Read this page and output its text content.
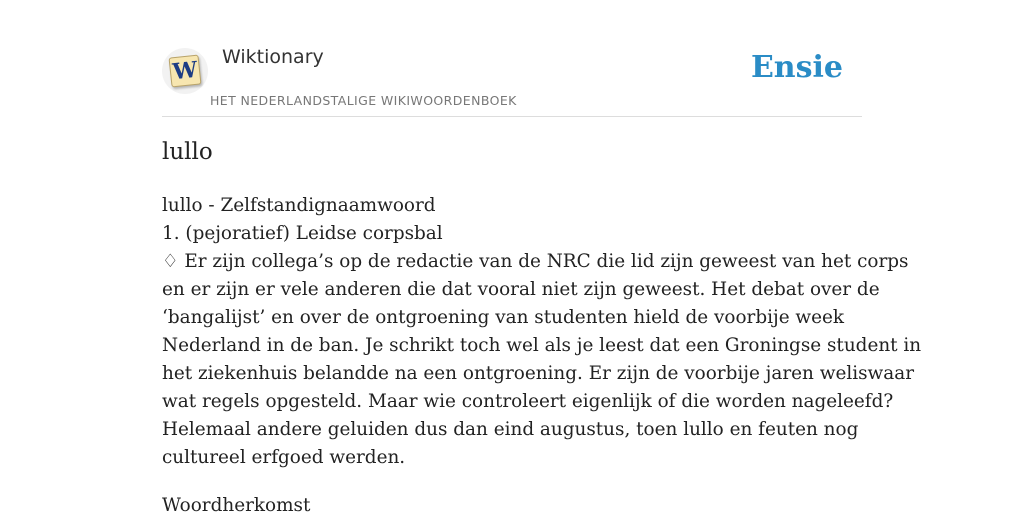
W Wiktionary
HET NEDERLANDSTALIGE WIKIWOORDENBOEK
Ensie
lullo
lullo - Zelfstandignaamwoord
1. (pejoratief) Leidse corpsbal
♢ Er zijn collega’s op de redactie van de NRC die lid zijn geweest van het corps
en er zijn er vele anderen die dat vooral niet zijn geweest. Het debat over de
‘bangalijst’ en over de ontgroening van studenten hield de voorbije week
Nederland in de ban. Je schrikt toch wel als je leest dat een Groningse student in
het ziekenhuis belandde na een ontgroening. Er zijn de voorbije jaren weliswaar
wat regels opgesteld. Maar wie controleert eigenlijk of die worden nageleefd?
Helemaal andere geluiden dus dan eind augustus, toen lullo en feuten nog
cultureel erfgoed werden.
Woordherkomst
